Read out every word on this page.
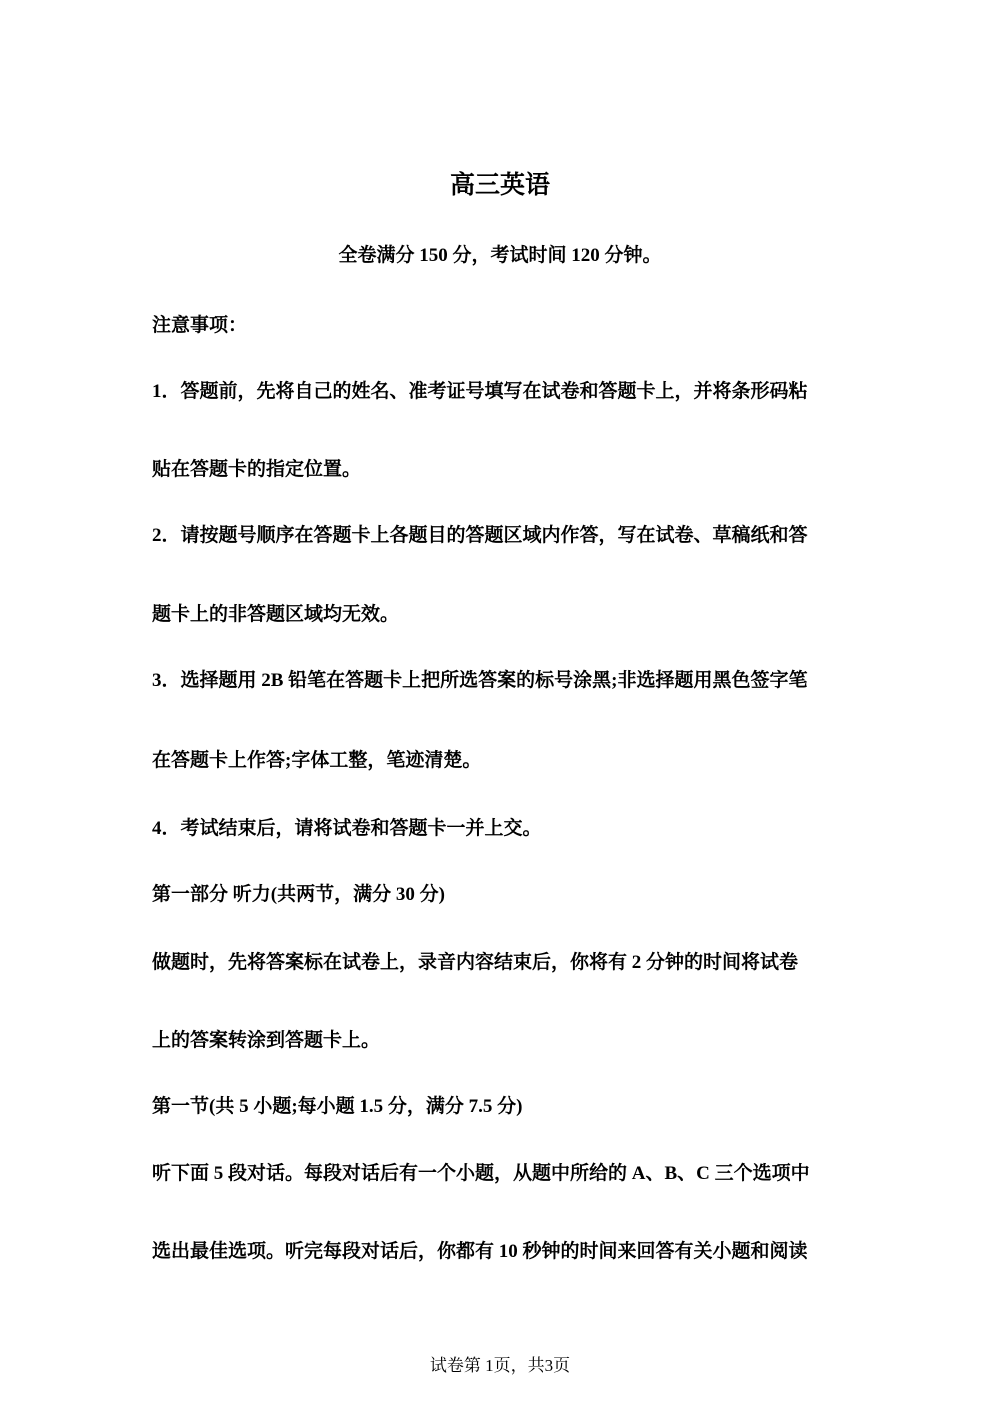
高三英语
全卷满分 150 分，考试时间 120 分钟。
注意事项：
1．答题前，先将自己的姓名、准考证号填写在试卷和答题卡上，并将条形码粘
贴在答题卡的指定位置。
2．请按题号顺序在答题卡上各题目的答题区域内作答，写在试卷、草稿纸和答
题卡上的非答题区域均无效。
3．选择题用 2B 铅笔在答题卡上把所选答案的标号涂黑;非选择题用黑色签字笔
在答题卡上作答;字体工整，笔迹清楚。
4．考试结束后，请将试卷和答题卡一并上交。
第一部分 听力(共两节，满分 30 分)
做题时，先将答案标在试卷上，录音内容结束后，你将有 2 分钟的时间将试卷
上的答案转涂到答题卡上。
第一节(共 5 小题;每小题 1.5 分，满分 7.5 分)
听下面 5 段对话。每段对话后有一个小题，从题中所给的 A、B、C 三个选项中
选出最佳选项。听完每段对话后，你都有 10 秒钟的时间来回答有关小题和阅读
试卷第 1页，共3页
